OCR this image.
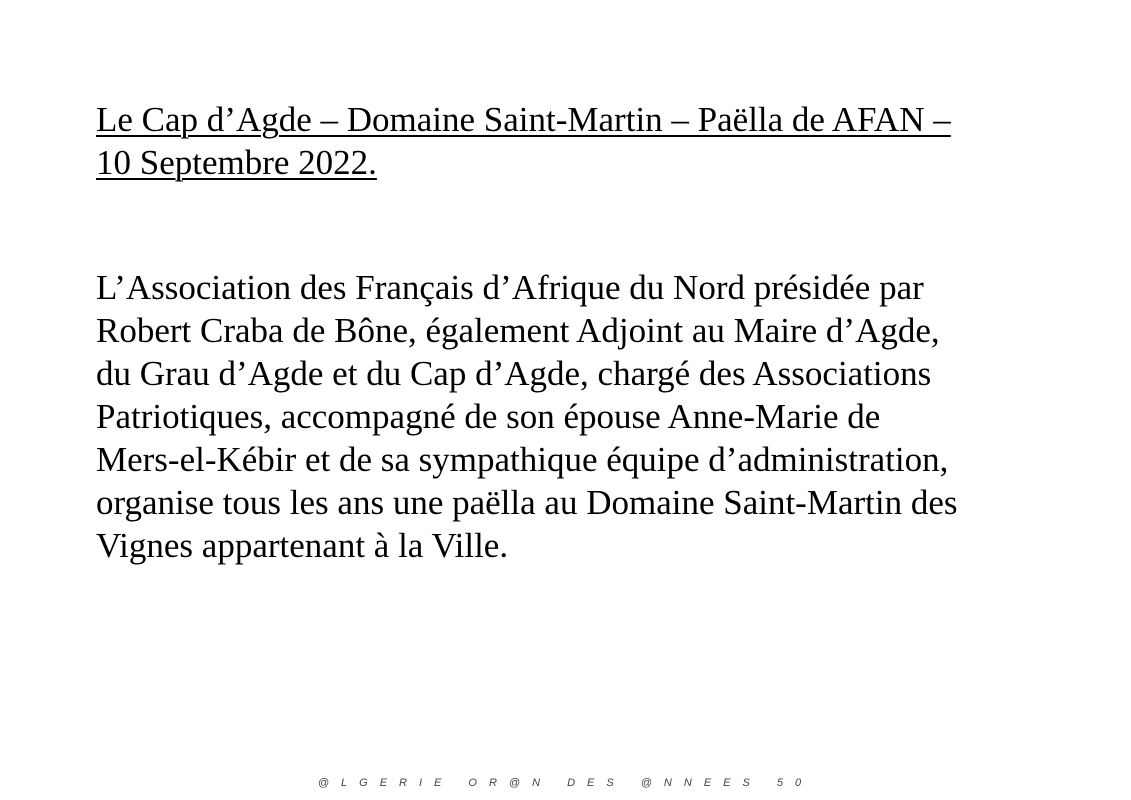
Le Cap d’Agde – Domaine Saint-Martin – Paëlla de AFAN –
10 Septembre 2022.

L’Association des Français d’Afrique du Nord présidée par
Robert Craba de Bône, également Adjoint au Maire d’Agde,
du Grau d’Agde et du Cap d’Agde, chargé des Associations
Patriotiques, accompagné de son épouse Anne-Marie de
Mers-el-Kébir et de sa sympathique équipe d’administration,
organise tous les ans une paëlla au Domaine Saint-Martin des
Vignes appartenant à la Ville.

@LGERIE OR@N DES @NNEES 50
